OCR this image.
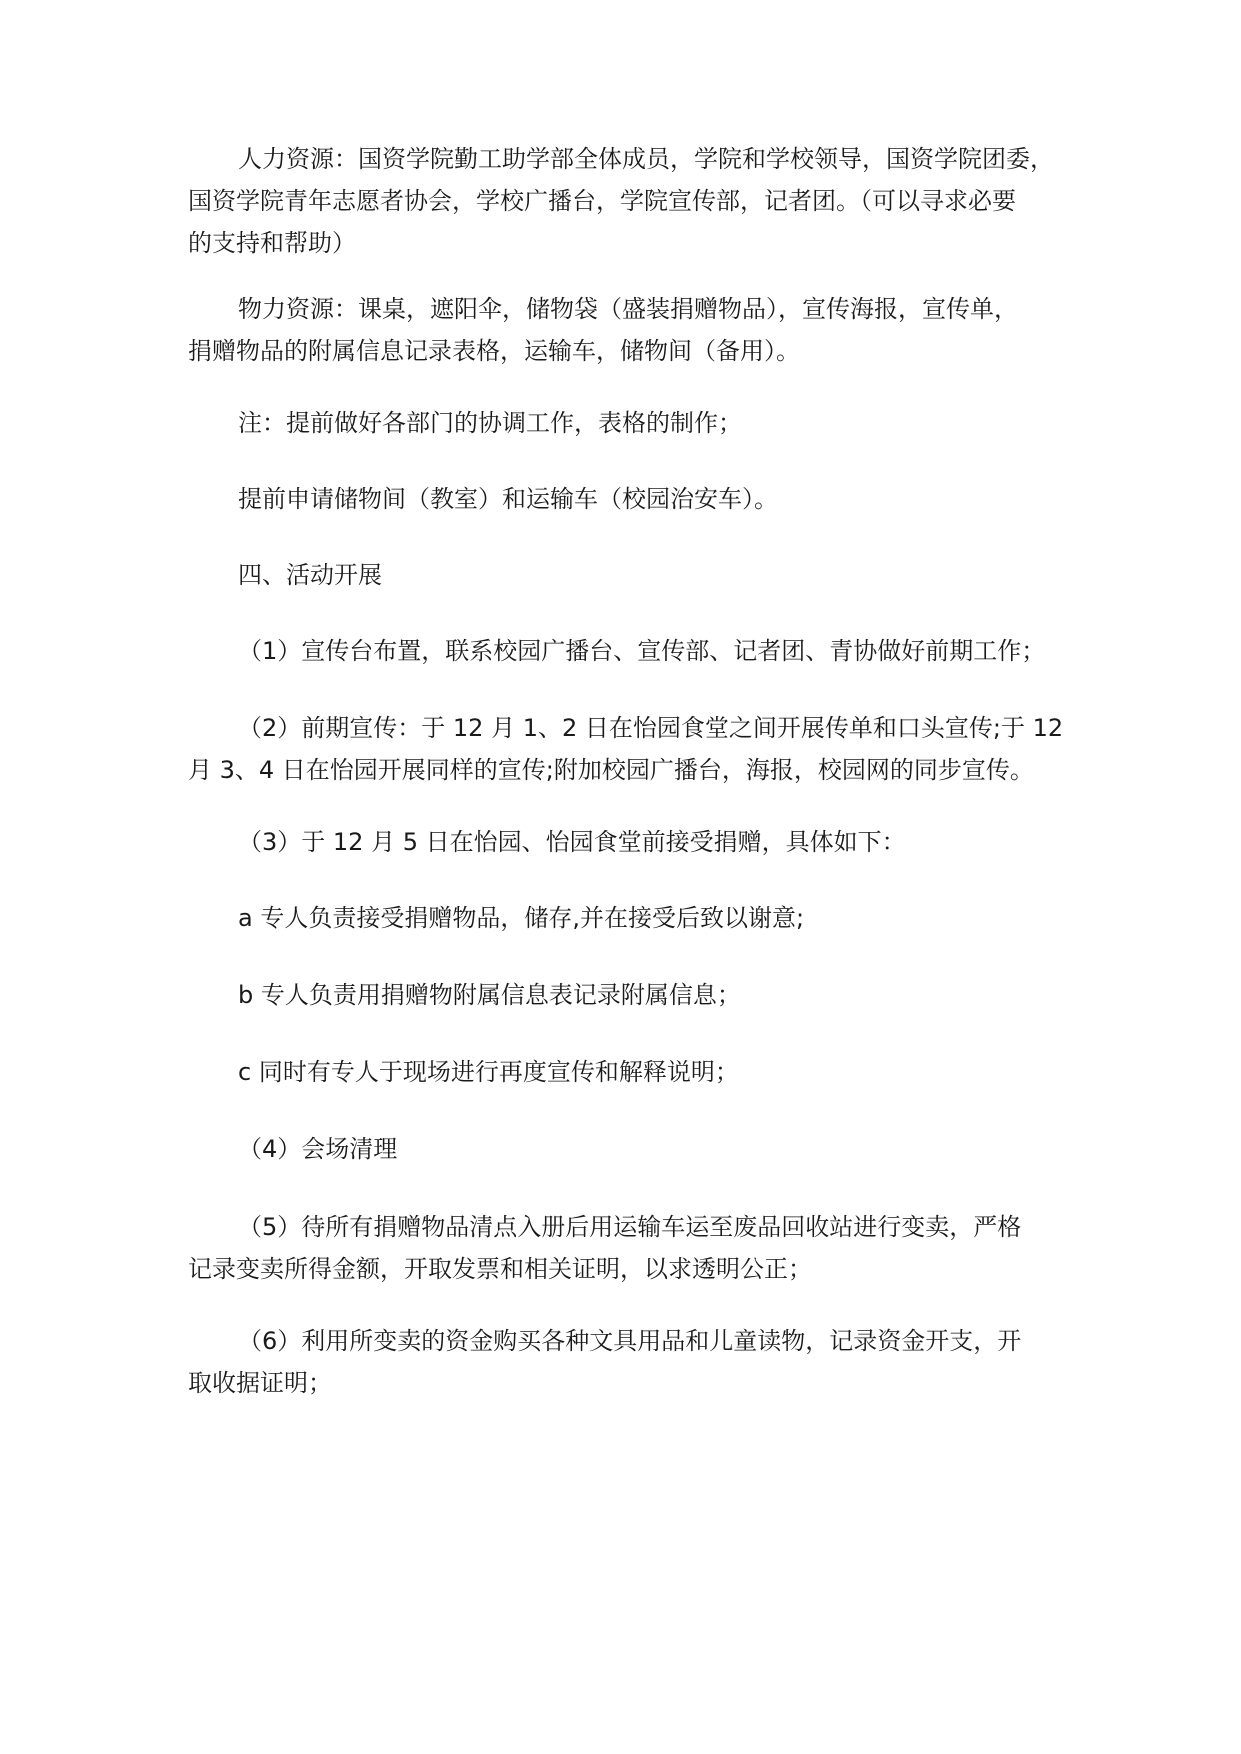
人力资源：国资学院勤工助学部全体成员，学院和学校领导，国资学院团委，
国资学院青年志愿者协会，学校广播台，学院宣传部，记者团。（可以寻求必要
的支持和帮助）

物力资源：课桌，遮阳伞，储物袋（盛装捐赠物品），宣传海报，宣传单，
捐赠物品的附属信息记录表格，运输车，储物间（备用）。

注：提前做好各部门的协调工作，表格的制作；

提前申请储物间（教室）和运输车（校园治安车）。

四、活动开展

（1）宣传台布置，联系校园广播台、宣传部、记者团、青协做好前期工作；

（2）前期宣传：于 12 月 1、2 日在怡园食堂之间开展传单和口头宣传;于 12
月 3、4 日在怡园开展同样的宣传;附加校园广播台，海报，校园网的同步宣传。

（3）于 12 月 5 日在怡园、怡园食堂前接受捐赠，具体如下：

a 专人负责接受捐赠物品，储存,并在接受后致以谢意;

b 专人负责用捐赠物附属信息表记录附属信息；

c 同时有专人于现场进行再度宣传和解释说明；

（4）会场清理

（5）待所有捐赠物品清点入册后用运输车运至废品回收站进行变卖，严格
记录变卖所得金额，开取发票和相关证明，以求透明公正；

（6）利用所变卖的资金购买各种文具用品和儿童读物，记录资金开支，开
取收据证明；
